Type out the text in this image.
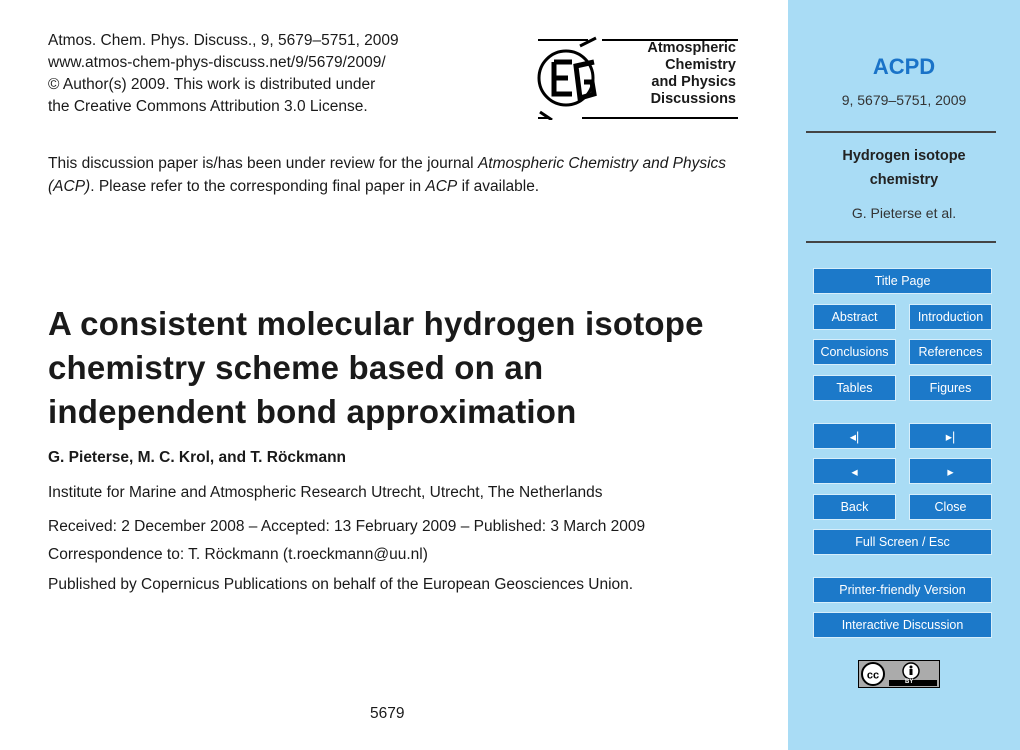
Atmos. Chem. Phys. Discuss., 9, 5679–5751, 2009
www.atmos-chem-phys-discuss.net/9/5679/2009/
© Author(s) 2009. This work is distributed under
the Creative Commons Attribution 3.0 License.
Atmospheric
Chemistry
and Physics
Discussions
This discussion paper is/has been under review for the journal Atmospheric Chemistry and Physics (ACP). Please refer to the corresponding final paper in ACP if available.
A consistent molecular hydrogen isotope
chemistry scheme based on an
independent bond approximation
G. Pieterse, M. C. Krol, and T. Röckmann
Institute for Marine and Atmospheric Research Utrecht, Utrecht, The Netherlands
Received: 2 December 2008 – Accepted: 13 February 2009 – Published: 3 March 2009
Correspondence to: T. Röckmann (t.roeckmann@uu.nl)
Published by Copernicus Publications on behalf of the European Geosciences Union.
5679
ACPD
9, 5679–5751, 2009
Hydrogen isotope
chemistry
G. Pieterse et al.
Title Page
Abstract	Introduction
Conclusions	References
Tables	Figures
◂|	▸|
◂	▸
Back	Close
Full Screen / Esc
Printer-friendly Version
Interactive Discussion
cc
BY
